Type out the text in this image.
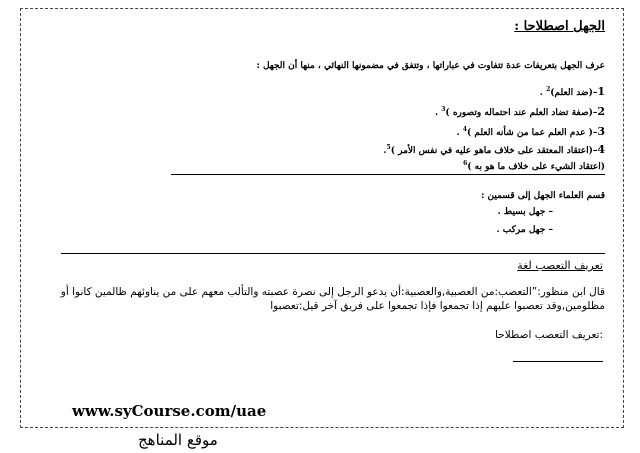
الجهل اصطلاحا :
عرف الجهل بتعريفات عدة تتفاوت في عباراتها ، وتتفق في مضمونها النهائي ، منها أن الجهل :
1–(ضد العلم)$^2$ .
2–(صفة تضاد العلم عند احتماله وتصوره )$^3$ .
3–( عدم العلم عما من شأنه العلم )$^4$ .
4–(اعتقاد المعتقد على خلاف ماهو عليه في نفس الأمر )$^5$.
(اعتقاد الشيء على خلاف ما هو به )$^6$
قسم العلماء الجهل إلى قسمين :
– جهل بسيط .
– جهل مركب .
تعريف التعصب لغة
قال ابن منظور:”التعصب:من العصبية,والعصبية:أن يدعو الرجل إلى نصرة عصبته والتألب معهم على من يناوئهم ظالمين كانوا أو مظلومين,وقد تعصبوا عليهم إذا تجمعوا فإذا تجمعوا على فريق آخر قيل:تعصبوا
:تعريف التعصب اصطلاحا
www.syCourse.com/uae
موقع المناهج
